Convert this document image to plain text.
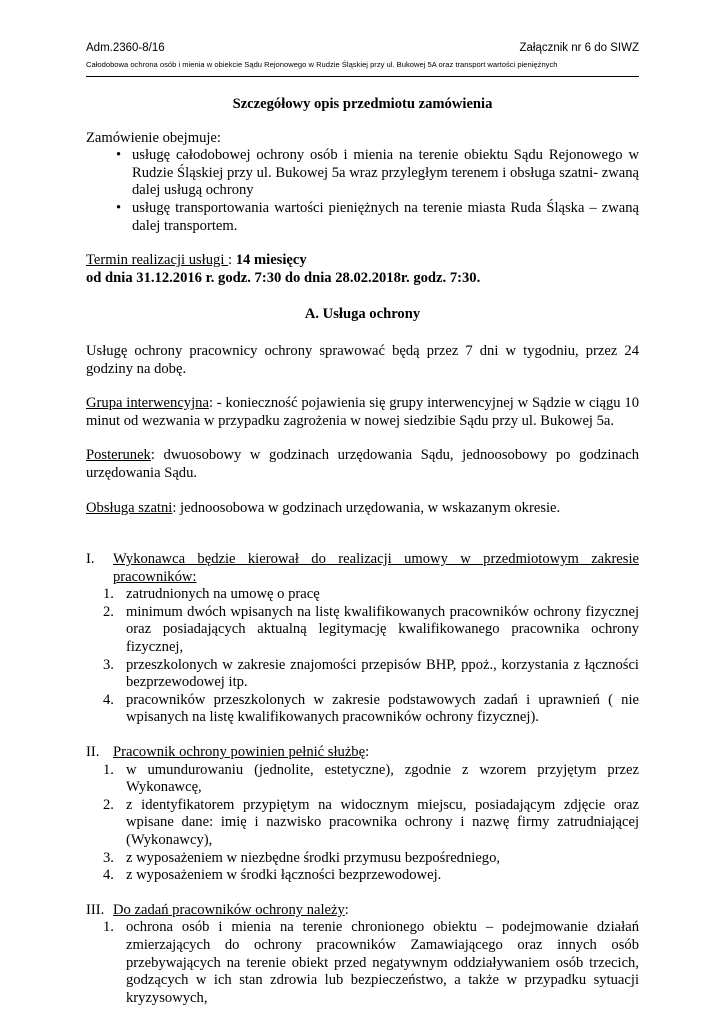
Adm.2360-8/16	Załącznik nr 6 do SIWZ
Całodobowa ochrona osób i mienia w obiekcie Sądu Rejonowego w Rudzie Śląskiej przy ul. Bukowej 5A oraz transport wartości pieniężnych

Szczegółowy opis przedmiotu zamówienia

Zamówienie obejmuje:

• usługę całodobowej ochrony osób i mienia na terenie obiektu Sądu Rejonowego w Rudzie Śląskiej przy ul. Bukowej 5a wraz przyległym terenem i obsługa szatni- zwaną dalej usługą ochrony
• usługę transportowania wartości pieniężnych na terenie miasta Ruda Śląska – zwaną dalej transportem.

Termin realizacji usługi : 14 miesięcy

od dnia 31.12.2016 r. godz. 7:30 do dnia 28.02.2018r. godz. 7:30.

A. Usługa ochrony

Usługę ochrony pracownicy ochrony sprawować będą przez 7 dni w tygodniu, przez 24 godziny na dobę.

Grupa interwencyjna: - konieczność pojawienia się grupy interwencyjnej w Sądzie w ciągu 10 minut od wezwania w przypadku zagrożenia w nowej siedzibie Sądu przy ul. Bukowej 5a.

Posterunek: dwuosobowy w godzinach urzędowania Sądu, jednoosobowy po godzinach urzędowania Sądu.

Obsługa szatni: jednoosobowa w godzinach urzędowania, w wskazanym okresie.

I. Wykonawca będzie kierował do realizacji umowy w przedmiotowym zakresie pracowników:
1. zatrudnionych na umowę o pracę
2. minimum dwóch wpisanych na listę kwalifikowanych pracowników ochrony fizycznej oraz posiadających aktualną legitymację kwalifikowanego pracownika ochrony fizycznej,
3. przeszkolonych w zakresie znajomości przepisów BHP, ppoż., korzystania z łączności bezprzewodowej itp.
4. pracowników przeszkolonych w zakresie podstawowych zadań i uprawnień ( nie wpisanych na listę kwalifikowanych pracowników ochrony fizycznej).
II. Pracownik ochrony powinien pełnić służbę:
1. w umundurowaniu (jednolite, estetyczne), zgodnie z wzorem przyjętym przez Wykonawcę,
2. z identyfikatorem przypiętym na widocznym miejscu, posiadającym zdjęcie oraz wpisane dane: imię i nazwisko pracownika ochrony i nazwę firmy zatrudniającej (Wykonawcy),
3. z wyposażeniem w niezbędne środki przymusu bezpośredniego,
4. z wyposażeniem w środki łączności bezprzewodowej.
III. Do zadań pracowników ochrony należy:
1. ochrona osób i mienia na terenie chronionego obiektu – podejmowanie działań zmierzających do ochrony pracowników Zamawiającego oraz innych osób przebywających na terenie obiekt przed negatywnym oddziaływaniem osób trzecich, godzących w ich stan zdrowia lub bezpieczeństwo, a także w przypadku sytuacji kryzysowych,
